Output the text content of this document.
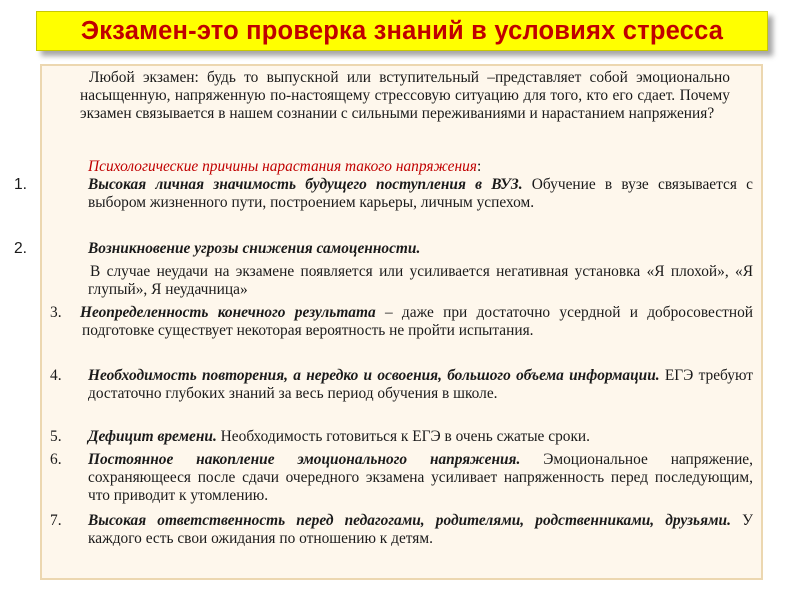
Экзамен-это проверка знаний в условиях стресса

Любой экзамен: будь то выпускной или вступительный –представляет собой эмоционально насыщенную, напряженную по-настоящему стрессовую ситуацию для того, кто его сдает. Почему экзамен связывается в нашем сознании с сильными переживаниями и нарастанием напряжения?

Психологические причины нарастания такого напряжения:

1.	Высокая личная значимость будущего поступления в ВУЗ. Обучение в вузе связывается с выбором жизненного пути, построением карьеры, личным успехом.

2.	Возникновение угрозы снижения самоценности.

В случае неудачи на экзамене появляется или усиливается негативная установка «Я плохой», «Я глупый», Я неудачница»

3. Неопределенность конечного результата – даже при достаточно усердной и добросовестной подготовке существует некоторая вероятность не пройти испытания.

4. Необходимость повторения, а нередко и освоения, большого объема информации. ЕГЭ требуют достаточно глубоких знаний за весь период обучения в школе.

5. Дефицит времени. Необходимость готовиться к ЕГЭ в очень сжатые сроки.

6. Постоянное накопление эмоционального напряжения. Эмоциональное напряжение, сохраняющееся после сдачи очередного экзамена усиливает напряженность перед последующим, что приводит к утомлению.

7. Высокая ответственность перед педагогами, родителями, родственниками, друзьями. У каждого есть свои ожидания по отношению к детям.
